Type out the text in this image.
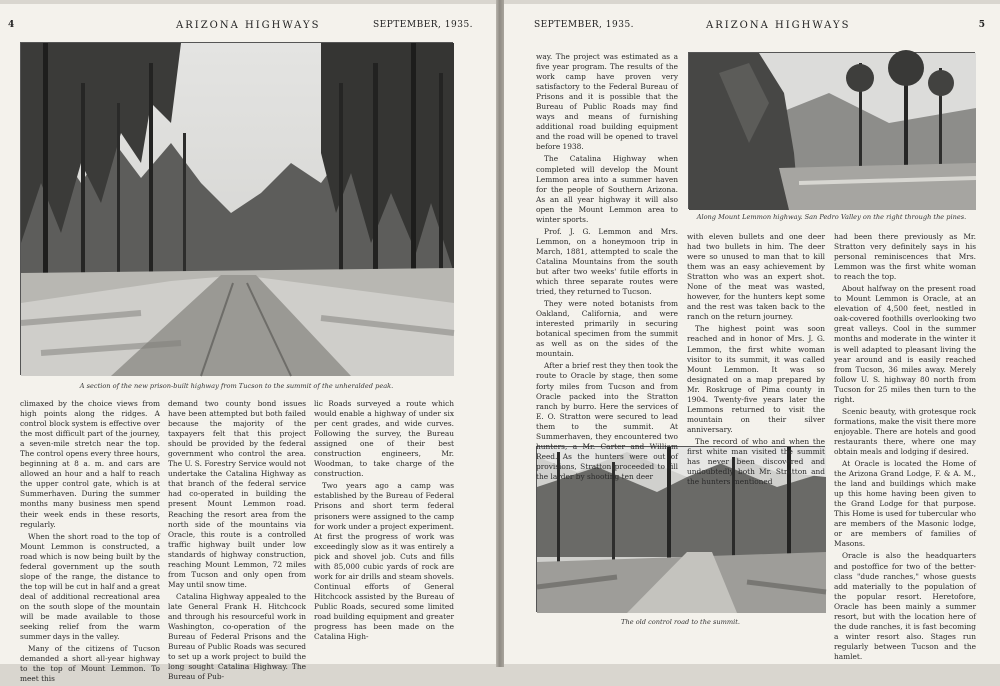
4	ARIZONA HIGHWAYS	SEPTEMBER, 1935.
A section of the new prison-built highway from Tucson to the summit of the unheralded peak.

climaxed by the choice views from high points along the ridges. A control block system is effective over the most difficult part of the journey, a seven-mile stretch near the top. The control opens every three hours, beginning at 8 a. m. and cars are allowed an hour and a half to reach the upper control gate, which is at Summerhaven. During the summer months many business men spend their week ends in these resorts, regularly.

When the short road to the top of Mount Lemmon is constructed, a road which is now being built by the federal government up the south slope of the range, the distance to the top will be cut in half and a great deal of additional recreational area on the south slope of the mountain will be made available to those seeking relief from the warm summer days in the valley.

Many of the citizens of Tucson demanded a short all-year highway to the top of Mount Lemmon. To meet this

demand two county bond issues have been attempted but both failed because the majority of the taxpayers felt that this project should be provided by the federal government who control the area. The U. S. Forestry Service would not undertake the Catalina Highway as that branch of the federal service had co-operated in building the present Mount Lemmon road. Reaching the resort area from the north side of the mountains via Oracle, this route is a controlled traffic highway built under low standards of highway construction, reaching Mount Lemmon, 72 miles from Tucson and only open from May until snow time.

Catalina Highway appealed to the late General Frank H. Hitchcock and through his resourceful work in Washington, co-operation of the Bureau of Federal Prisons and the Bureau of Public Roads was secured to set up a work project to build the long sought Catalina Highway. The Bureau of Pub-

lic Roads surveyed a route which would enable a highway of under six per cent grades, and wide curves. Following the survey, the Bureau assigned one of their best construction engineers, Mr. Woodman, to take charge of the construction.

Two years ago a camp was established by the Bureau of Federal Prisons and short term federal prisoners were assigned to the camp for work under a project experiment. At first the progress of work was exceedingly slow as it was entirely a pick and shovel job. Cuts and fills with 85,000 cubic yards of rock are work for air drills and steam shovels. Continual efforts of General Hitchcock assisted by the Bureau of Public Roads, secured some limited road building equipment and greater progress has been made on the Catalina High-

SEPTEMBER, 1935.	ARIZONA HIGHWAYS	5
Along Mount Lemmon highway. San Pedro Valley on the right through the pines.
The old control road to the summit.

way. The project was estimated as a five year program. The results of the work camp have proven very satisfactory to the Federal Bureau of Prisons and it is possible that the Bureau of Public Roads may find ways and means of furnishing additional road building equipment and the road will be opened to travel before 1938.

The Catalina Highway when completed will develop the Mount Lemmon area into a summer haven for the people of Southern Arizona. As an all year highway it will also open the Mount Lemmon area to winter sports.

Prof. J. G. Lemmon and Mrs. Lemmon, on a honeymoon trip in March, 1881, attempted to scale the Catalina Mountains from the south but after two weeks' futile efforts in which three separate routes were tried, they returned to Tucson.

They were noted botanists from Oakland, California, and were interested primarily in securing botanical specimen from the summit as well as on the sides of the mountain.

After a brief rest they then took the route to Oracle by stage, then some forty miles from Tucson and from Oracle packed into the Stratton ranch by burro. Here the services of E. O. Stratton were secured to lead them to the summit. At Summerhaven, they encountered two hunters, a Mr. Carter and William Reed. As the hunters were out of provisions, Stratton proceeded to fill the larder by shooting ten deer

with eleven bullets and one deer had two bullets in him. The deer were so unused to man that to kill them was an easy achievement by Stratton who was an expert shot. None of the meat was wasted, however, for the hunters kept some and the rest was taken back to the ranch on the return journey.

The highest point was soon reached and in honor of Mrs. J. G. Lemmon, the first white woman visitor to its summit, it was called Mount Lemmon. It was so designated on a map prepared by Mr. Roskruge of Pima county in 1904. Twenty-five years later the Lemmons returned to visit the mountain on their silver anniversary.

The record of who and when the first white man visited the summit has never been discovered and undoubtedly both Mr. Stratton and the hunters mentioned

had been there previously as Mr. Stratton very definitely says in his personal reminiscences that Mrs. Lemmon was the first white woman to reach the top.

About halfway on the present road to Mount Lemmon is Oracle, at an elevation of 4,500 feet, nestled in oak-covered foothills overlooking two great valleys. Cool in the summer months and moderate in the winter it is well adapted to pleasant living the year around and is easily reached from Tucson, 36 miles away. Merely follow U. S. highway 80 north from Tucson for 25 miles then turn to the right.

Scenic beauty, with grotesque rock formations, make the visit there more enjoyable. There are hotels and good restaurants there, where one may obtain meals and lodging if desired.

At Oracle is located the Home of the Arizona Grand Lodge, F. & A. M., the land and buildings which make up this home having been given to the Grand Lodge for that purpose. This Home is used for tubercular who are members of the Masonic lodge, or are members of families of Masons.

Oracle is also the headquarters and postoffice for two of the better-class "dude ranches," whose guests add materially to the population of the popular resort. Heretofore, Oracle has been mainly a summer resort, but with the location here of the dude ranches, it is fast becoming a winter resort also. Stages run regularly between Tucson and the hamlet.
